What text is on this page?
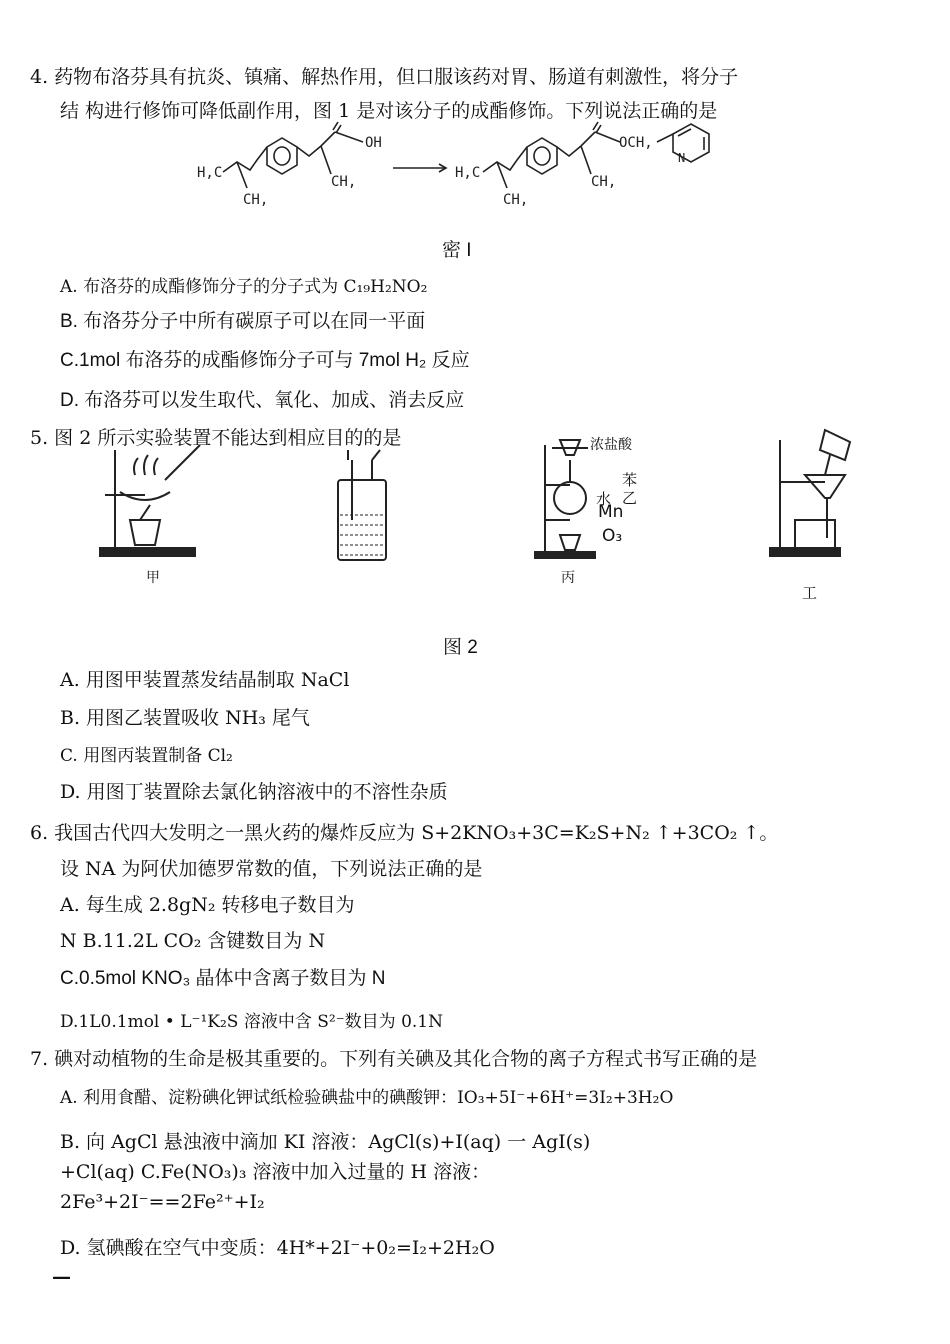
4. 药物布洛芬具有抗炎、镇痛、解热作用，但口服该药对胃、肠道有刺激性，将分子
结 构进行修饰可降低副作用，图 1 是对该分子的成酯修饰。下列说法正确的是
OH
CH,
H,C
CH,
OCH,
N
CH,
H,C
CH,
密 I
A. 布洛芬的成酯修饰分子的分子式为 C₁₉H₂NO₂
B. 布洛芬分子中所有碳原子可以在同一平面
C.1mol 布洛芬的成酯修饰分子可与 7mol H₂ 反应
D. 布洛芬可以发生取代、氧化、加成、消去反应
5. 图 2 所示实验装置不能达到相应目的的是
甲	丙
工
浓盐酸
苯
乙
水
Mn
O₃
图 2
A. 用图甲装置蒸发结晶制取 NaCl
B. 用图乙装置吸收 NH₃ 尾气
C. 用图丙装置制备 Cl₂
D. 用图丁装置除去氯化钠溶液中的不溶性杂质
6. 我国古代四大发明之一黑火药的爆炸反应为 S+2KNO₃+3C=K₂S+N₂ ↑+3CO₂ ↑。
设 NA 为阿伏加德罗常数的值，下列说法正确的是
A. 每生成 2.8gN₂ 转移电子数目为
N B.11.2L CO₂ 含键数目为 N
C.0.5mol KNO₃ 晶体中含离子数目为 N
D.1L0.1mol • L⁻¹K₂S 溶液中含 S²⁻数目为 0.1N
7. 碘对动植物的生命是极其重要的。下列有关碘及其化合物的离子方程式书写正确的是
A. 利用食醋、淀粉碘化钾试纸检验碘盐中的碘酸钾：IO₃+5I⁻+6H⁺=3I₂+3H₂O
B. 向 AgCl 悬浊液中滴加 KI 溶液：AgCl(s)+I(aq) 一 AgI(s)
+Cl(aq) C.Fe(NO₃)₃ 溶液中加入过量的 H 溶液：
2Fe³+2I⁻==2Fe²⁺+I₂
D. 氢碘酸在空气中变质：4H*+2I⁻+0₂=I₂+2H₂O
—
